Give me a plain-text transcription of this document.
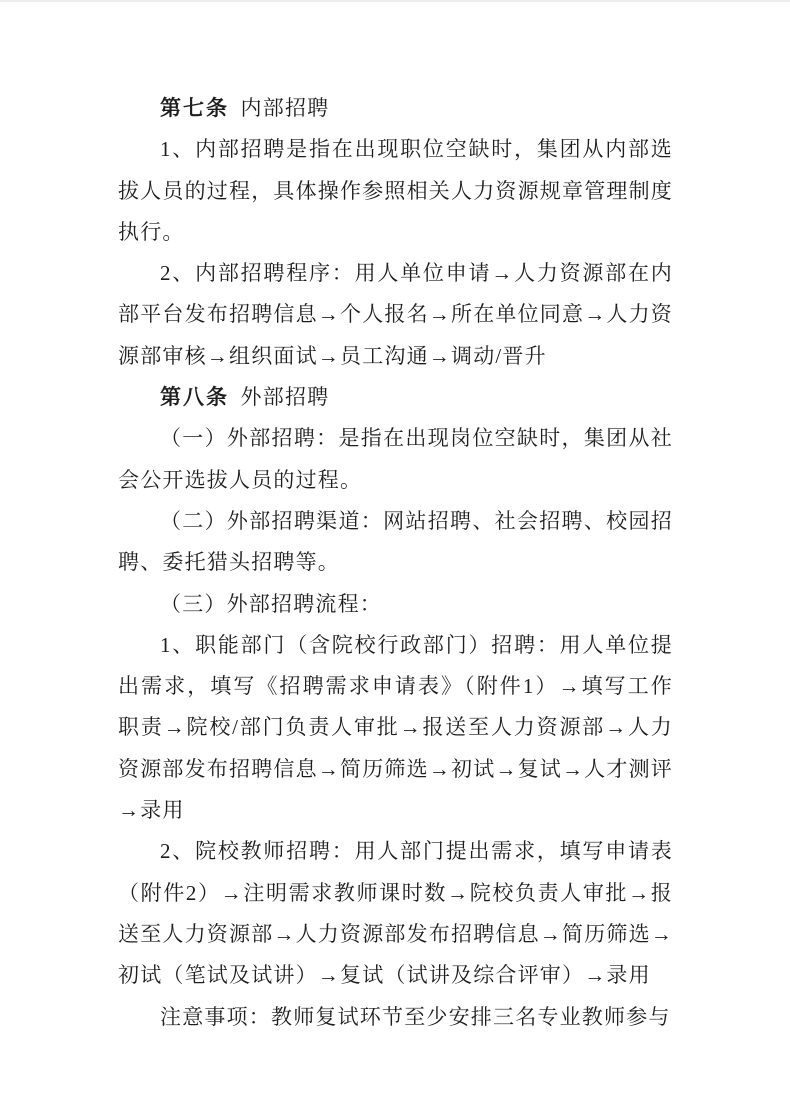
第七条 内部招聘

1、内部招聘是指在出现职位空缺时，集团从内部选拔人员的过程，具体操作参照相关人力资源规章管理制度执行。

2、内部招聘程序：用人单位申请→人力资源部在内部平台发布招聘信息→个人报名→所在单位同意→人力资源部审核→组织面试→员工沟通→调动/晋升

第八条 外部招聘

（一）外部招聘：是指在出现岗位空缺时，集团从社会公开选拔人员的过程。

（二）外部招聘渠道：网站招聘、社会招聘、校园招聘、委托猎头招聘等。

（三）外部招聘流程：

1、职能部门（含院校行政部门）招聘：用人单位提出需求，填写《招聘需求申请表》（附件1）→填写工作职责→院校/部门负责人审批→报送至人力资源部→人力资源部发布招聘信息→简历筛选→初试→复试→人才测评→录用

2、院校教师招聘：用人部门提出需求，填写申请表（附件2）→注明需求教师课时数→院校负责人审批→报送至人力资源部→人力资源部发布招聘信息→简历筛选→初试（笔试及试讲）→复试（试讲及综合评审）→录用

注意事项：教师复试环节至少安排三名专业教师参与
